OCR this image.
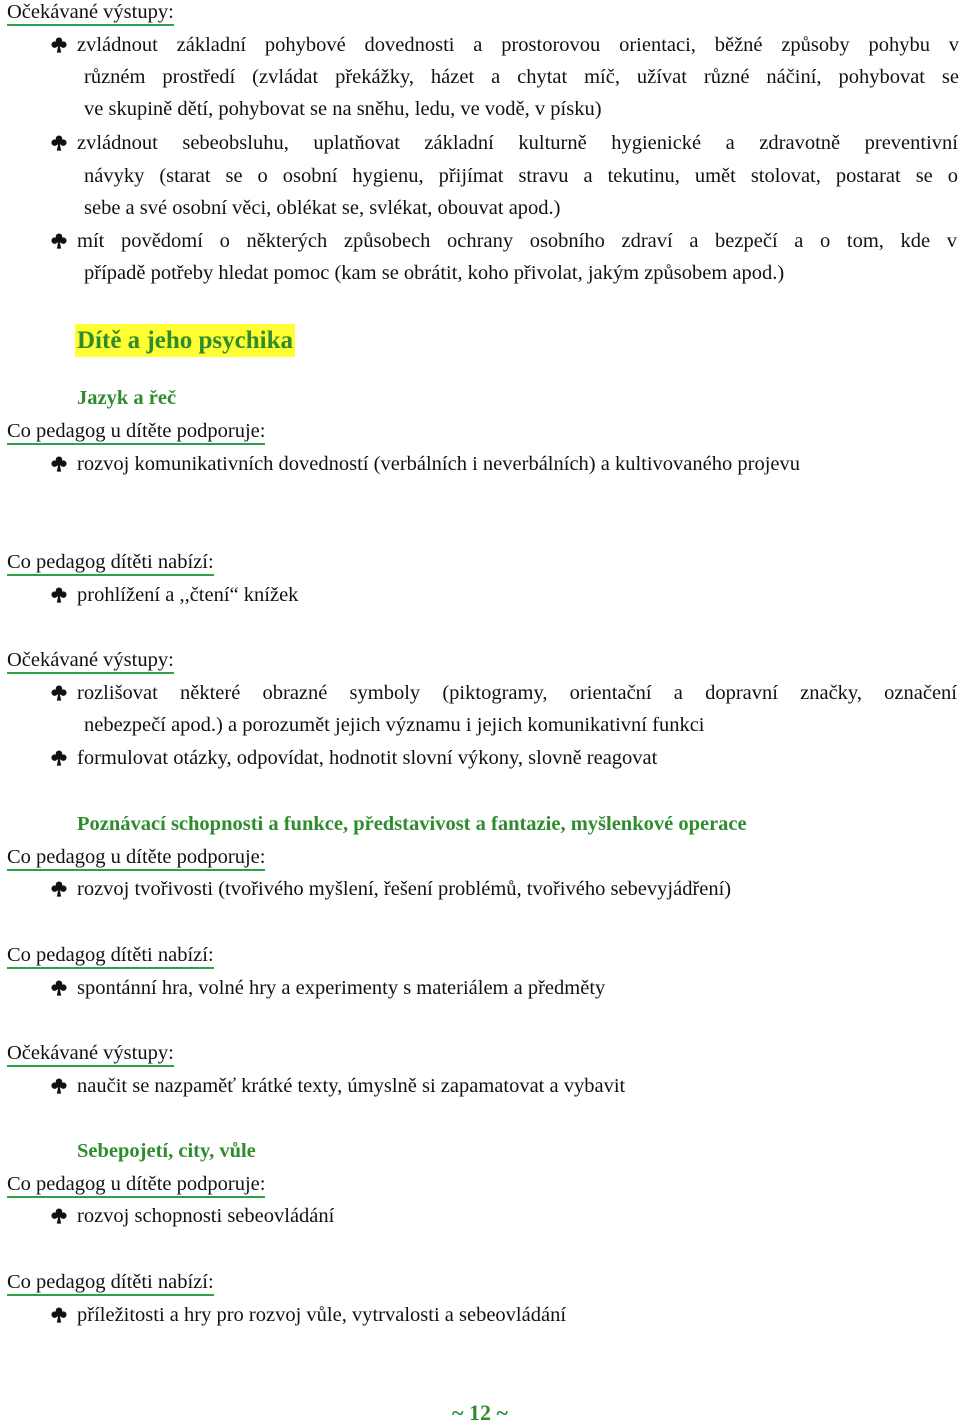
Očekávané výstupy:
zvládnout základní pohybové dovednosti a prostorovou orientaci, běžné způsoby pohybu v
různém prostředí (zvládat překážky, házet a chytat míč, užívat různé náčiní, pohybovat se
ve skupině dětí, pohybovat se na sněhu, ledu, ve vodě, v písku)
zvládnout sebeobsluhu, uplatňovat základní kulturně hygienické a zdravotně preventivní
návyky (starat se o osobní hygienu, přijímat stravu a tekutinu, umět stolovat, postarat se o
sebe a své osobní věci, oblékat se, svlékat, obouvat apod.)
mít povědomí o některých způsobech ochrany osobního zdraví a bezpečí a o tom, kde v
případě potřeby hledat pomoc (kam se obrátit, koho přivolat, jakým způsobem apod.)
Dítě a jeho psychika
Jazyk a řeč
Co pedagog u dítěte podporuje:
rozvoj komunikativních dovedností (verbálních i neverbálních) a kultivovaného projevu
Co pedagog dítěti nabízí:
prohlížení a ,,čtení“ knížek
Očekávané výstupy:
rozlišovat některé obrazné symboly (piktogramy, orientační a dopravní značky, označení
nebezpečí apod.) a porozumět jejich významu i jejich komunikativní funkci
formulovat otázky, odpovídat, hodnotit slovní výkony, slovně reagovat
Poznávací schopnosti a funkce, představivost a fantazie, myšlenkové operace
Co pedagog u dítěte podporuje:
rozvoj tvořivosti (tvořivého myšlení, řešení problémů, tvořivého sebevyjádření)
Co pedagog dítěti nabízí:
spontánní hra, volné hry a experimenty s materiálem a předměty
Očekávané výstupy:
naučit se nazpaměť krátké texty, úmyslně si zapamatovat a vybavit
Sebepojetí, city, vůle
Co pedagog u dítěte podporuje:
rozvoj schopnosti sebeovládání
Co pedagog dítěti nabízí:
příležitosti a hry pro rozvoj vůle, vytrvalosti a sebeovládání
~ 12 ~
